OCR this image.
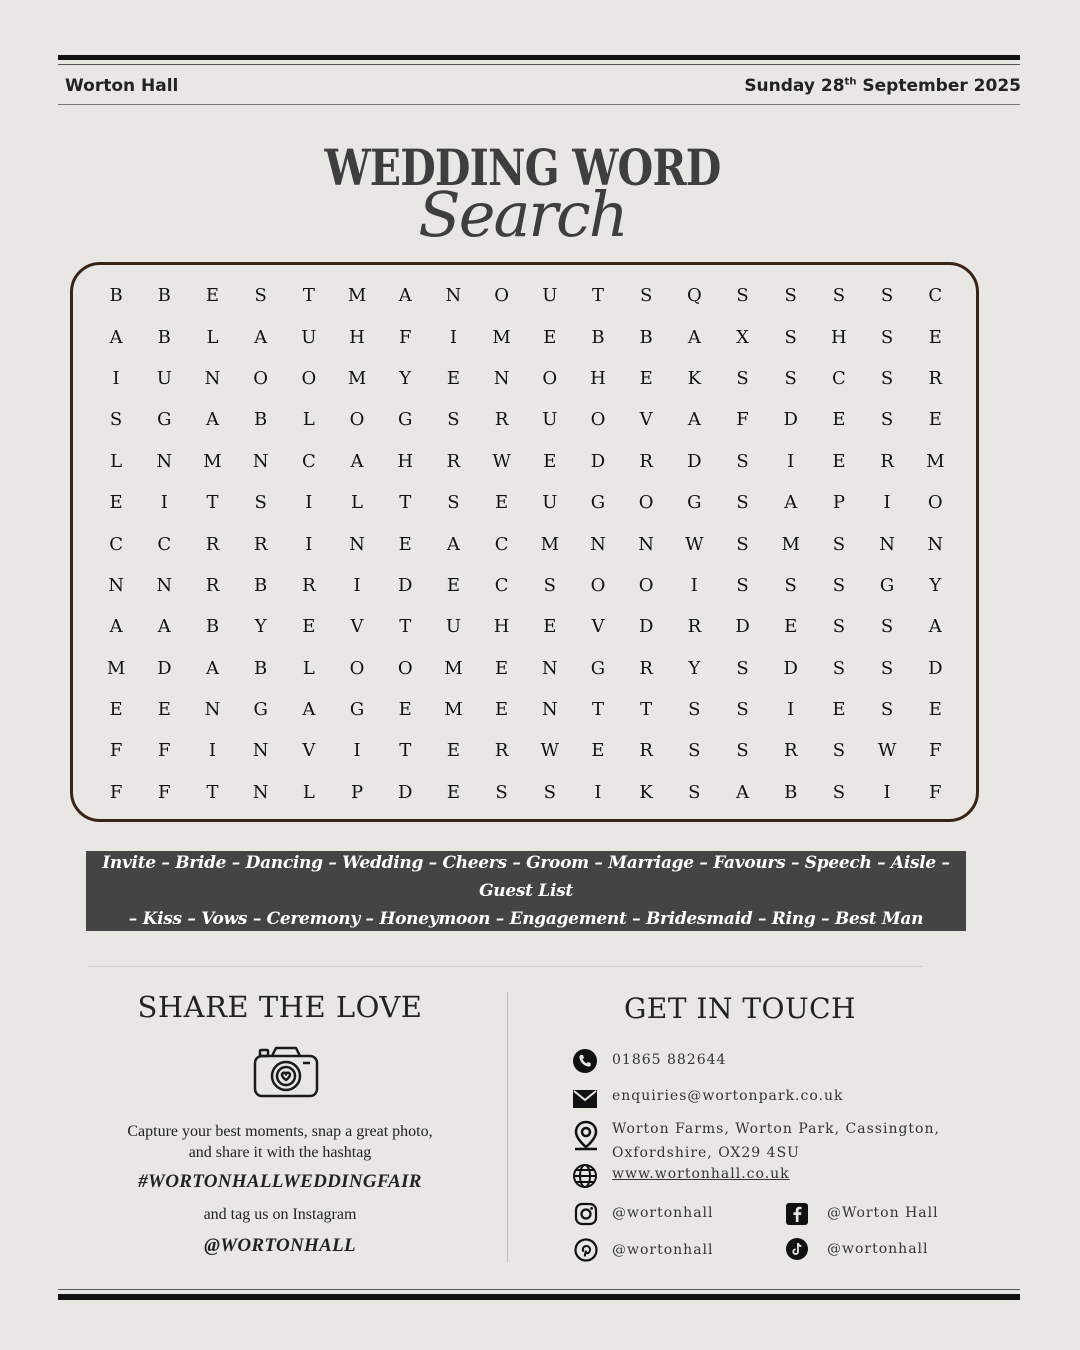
Worton Hall	Sunday 28th September 2025
WEDDING WORD
Search
B	B	E	S	T	M	A	N	O	U	T	S	Q	S	S	S	S	C
A	B	L	A	U	H	F	I	M	E	B	B	A	X	S	H	S	E
I	U	N	O	O	M	Y	E	N	O	H	E	K	S	S	C	S	R
S	G	A	B	L	O	G	S	R	U	O	V	A	F	D	E	S	E
L	N	M	N	C	A	H	R	W	E	D	R	D	S	I	E	R	M
E	I	T	S	I	L	T	S	E	U	G	O	G	S	A	P	I	O
C	C	R	R	I	N	E	A	C	M	N	N	W	S	M	S	N	N
N	N	R	B	R	I	D	E	C	S	O	O	I	S	S	S	G	Y
A	A	B	Y	E	V	T	U	H	E	V	D	R	D	E	S	S	A
M	D	A	B	L	O	O	M	E	N	G	R	Y	S	D	S	S	D
E	E	N	G	A	G	E	M	E	N	T	T	S	S	I	E	S	E
F	F	I	N	V	I	T	E	R	W	E	R	S	S	R	S	W	F
F	F	T	N	L	P	D	E	S	S	I	K	S	A	B	S	I	F
Invite – Bride – Dancing – Wedding – Cheers – Groom – Marriage – Favours – Speech – Aisle – Guest List
– Kiss – Vows – Ceremony – Honeymoon – Engagement – Bridesmaid – Ring – Best Man
SHARE THE LOVE
Capture your best moments, snap a great photo,
and share it with the hashtag
#WORTONHALLWEDDINGFAIR
and tag us on Instagram
@WORTONHALL
GET IN TOUCH
01865 882644
enquiries@wortonpark.co.uk
Worton Farms, Worton Park, Cassington,
Oxfordshire, OX29 4SU
www.wortonhall.co.uk
@wortonhall	@Worton Hall
@wortonhall	@wortonhall
